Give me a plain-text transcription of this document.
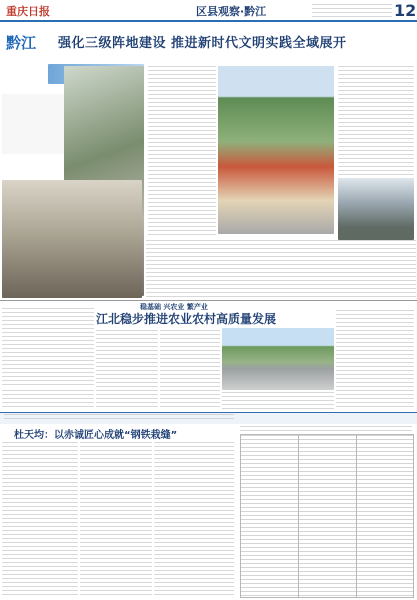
重庆日报	区县观察·黔江	12
黔江 强化三级阵地建设 推进新时代文明实践全域展开
稳基础 兴农业 繁产业
江北稳步推进农业农村高质量发展
杜天均：以赤诚匠心成就“钢铁栽缝”
